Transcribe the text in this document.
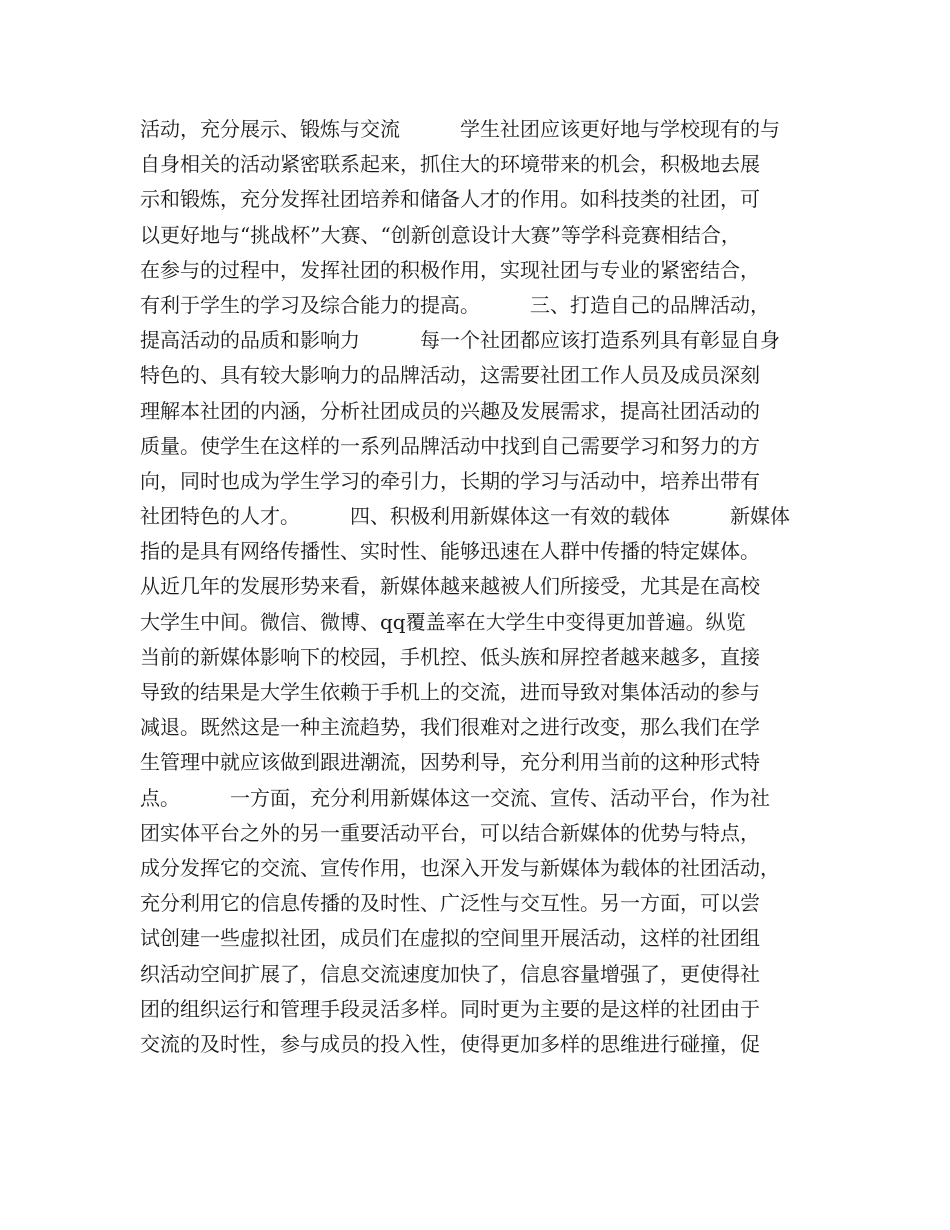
活动，充分展示、锻炼与交流　　　学生社团应该更好地与学校现有的与
自身相关的活动紧密联系起来，抓住大的环境带来的机会，积极地去展
示和锻炼，充分发挥社团培养和储备人才的作用。如科技类的社团，可
以更好地与“挑战杯”大赛、“创新创意设计大赛”等学科竞赛相结合，
在参与的过程中，发挥社团的积极作用，实现社团与专业的紧密结合，
有利于学生的学习及综合能力的提高。　　　三、打造自己的品牌活动，
提高活动的品质和影响力　　　每一个社团都应该打造系列具有彰显自身
特色的、具有较大影响力的品牌活动，这需要社团工作人员及成员深刻
理解本社团的内涵，分析社团成员的兴趣及发展需求，提高社团活动的
质量。使学生在这样的一系列品牌活动中找到自己需要学习和努力的方
向，同时也成为学生学习的牵引力，长期的学习与活动中，培养出带有
社团特色的人才。　　　四、积极利用新媒体这一有效的载体　　　新媒体
指的是具有网络传播性、实时性、能够迅速在人群中传播的特定媒体。
从近几年的发展形势来看，新媒体越来越被人们所接受，尤其是在高校
大学生中间。微信、微博、qq覆盖率在大学生中变得更加普遍。纵览
当前的新媒体影响下的校园，手机控、低头族和屏控者越来越多，直接
导致的结果是大学生依赖于手机上的交流，进而导致对集体活动的参与
减退。既然这是一种主流趋势，我们很难对之进行改变，那么我们在学
生管理中就应该做到跟进潮流，因势利导，充分利用当前的这种形式特
点。　　　一方面，充分利用新媒体这一交流、宣传、活动平台，作为社
团实体平台之外的另一重要活动平台，可以结合新媒体的优势与特点，
成分发挥它的交流、宣传作用，也深入开发与新媒体为载体的社团活动，
充分利用它的信息传播的及时性、广泛性与交互性。另一方面，可以尝
试创建一些虚拟社团，成员们在虚拟的空间里开展活动，这样的社团组
织活动空间扩展了，信息交流速度加快了，信息容量增强了，更使得社
团的组织运行和管理手段灵活多样。同时更为主要的是这样的社团由于
交流的及时性，参与成员的投入性，使得更加多样的思维进行碰撞，促
